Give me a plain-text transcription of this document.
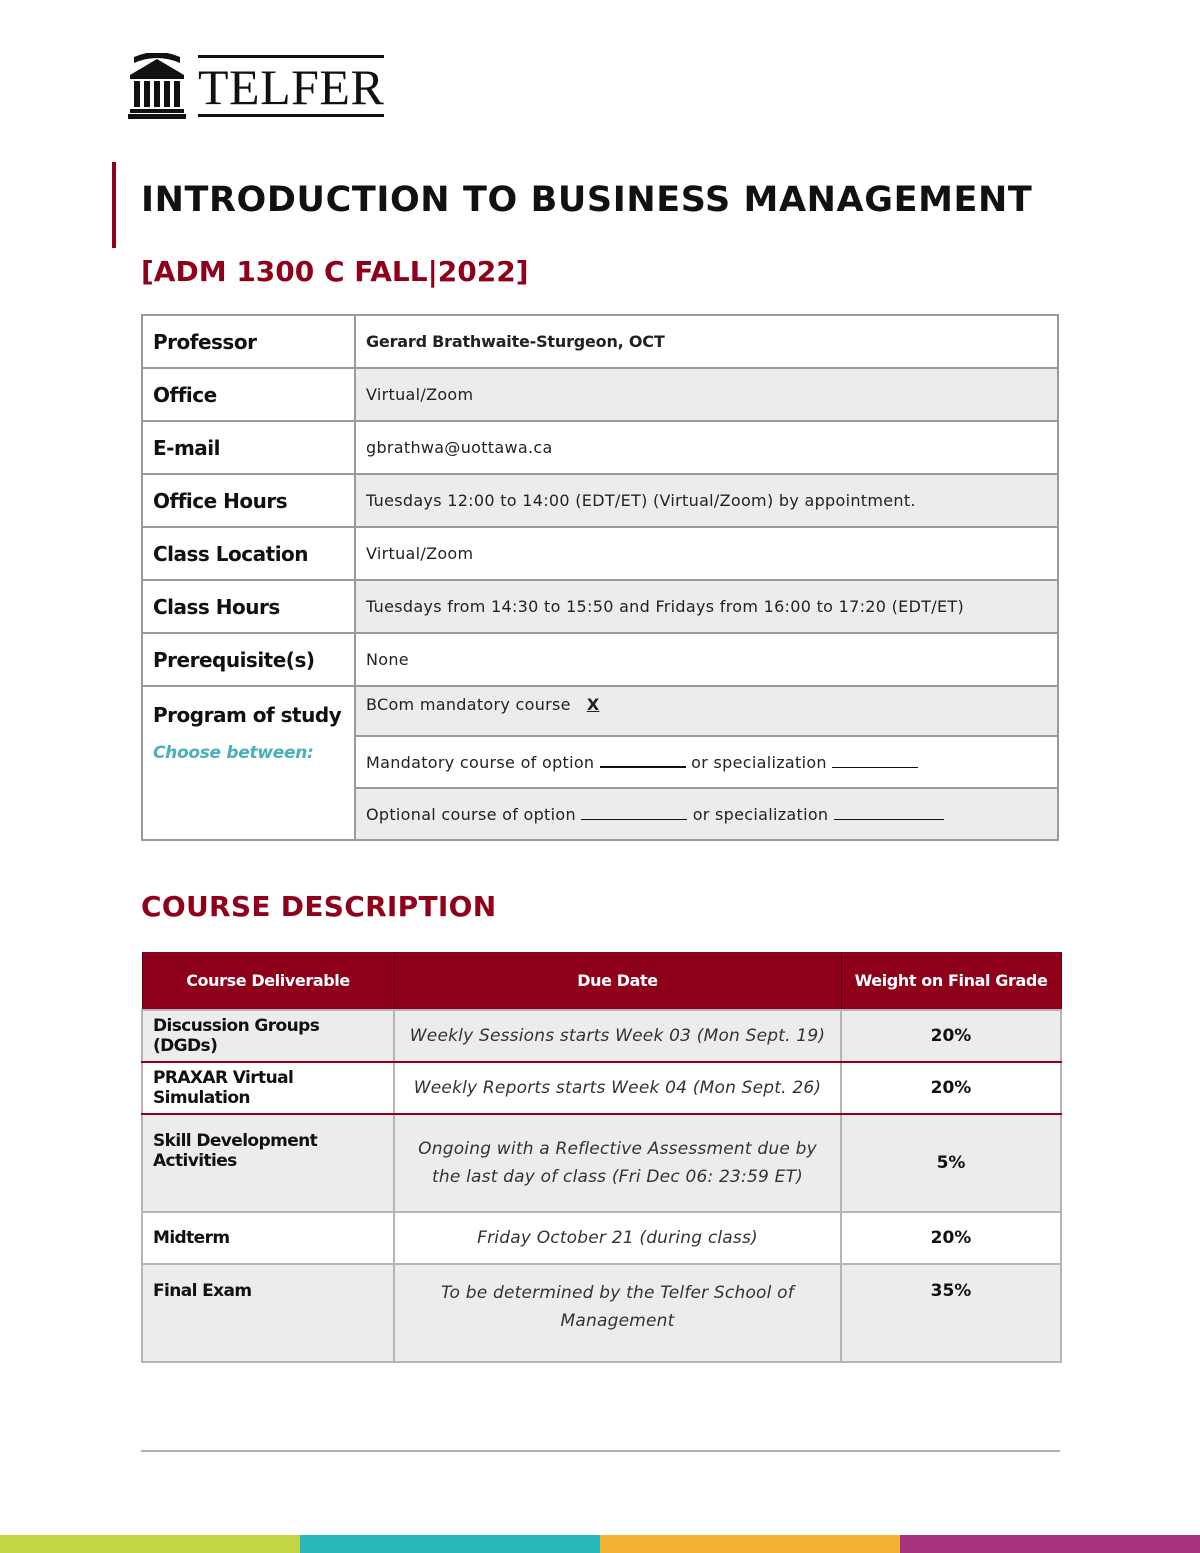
TELFER
INTRODUCTION TO BUSINESS MANAGEMENT
[ADM 1300 C FALL|2022]
Professor	Gerard Brathwaite-Sturgeon, OCT
Office	Virtual/Zoom
E-mail	gbrathwa@uottawa.ca
Office Hours	Tuesdays 12:00 to 14:00 (EDT/ET) (Virtual/Zoom) by appointment.
Class Location	Virtual/Zoom
Class Hours	Tuesdays from 14:30 to 15:50 and Fridays from 16:00 to 17:20 (EDT/ET)
Prerequisite(s)	None
Program of study
Choose between:	BCom mandatory course X
	Mandatory course of option or specialization
	Optional course of option or specialization
COURSE DESCRIPTION
Course Deliverable	Due Date	Weight on Final Grade
Discussion Groups (DGDs)	Weekly Sessions starts Week 03 (Mon Sept. 19)	20%
PRAXAR Virtual Simulation	Weekly Reports starts Week 04 (Mon Sept. 26)	20%
Skill Development Activities	Ongoing with a Reflective Assessment due by the last day of class (Fri Dec 06: 23:59 ET)	5%
Midterm	Friday October 21 (during class)	20%
Final Exam	To be determined by the Telfer School of Management	35%
